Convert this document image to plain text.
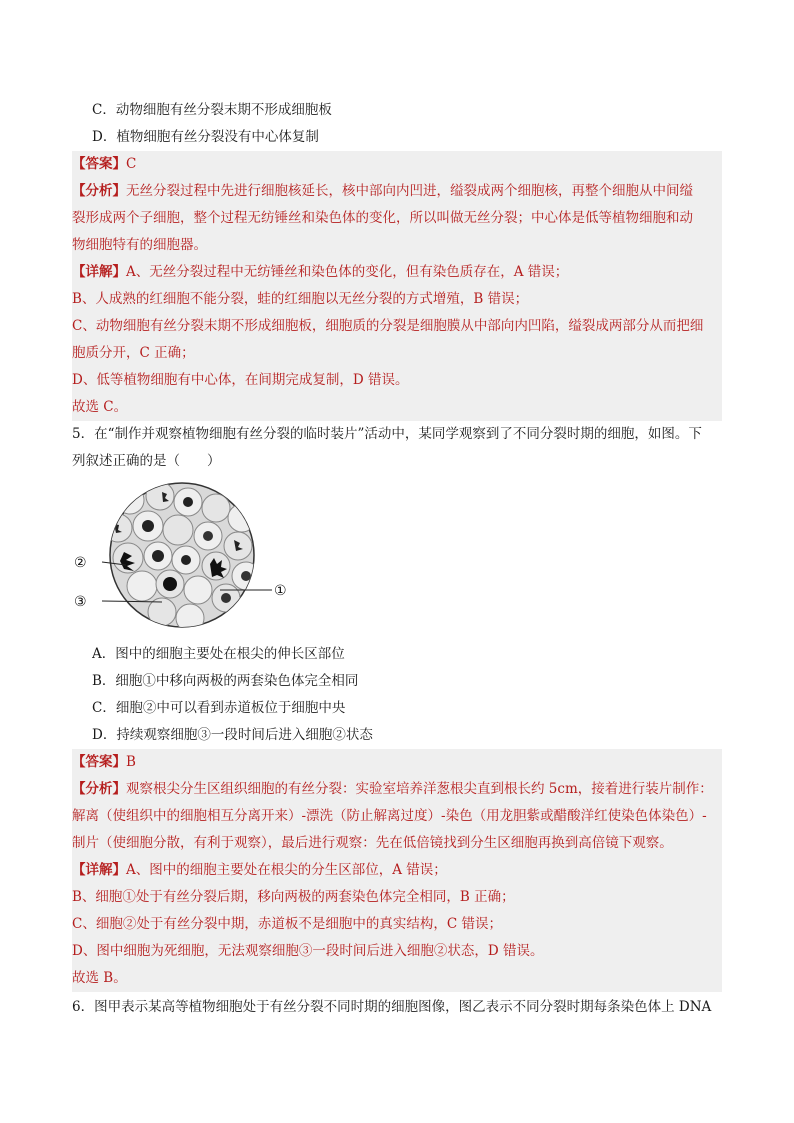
C．动物细胞有丝分裂末期不形成细胞板
D．植物细胞有丝分裂没有中心体复制
【答案】C
【分析】无丝分裂过程中先进行细胞核延长，核中部向内凹进，缢裂成两个细胞核，再整个细胞从中间缢
裂形成两个子细胞，整个过程无纺锤丝和染色体的变化，所以叫做无丝分裂；中心体是低等植物细胞和动
物细胞特有的细胞器。
【详解】A、无丝分裂过程中无纺锤丝和染色体的变化，但有染色质存在，A 错误；
B、人成熟的红细胞不能分裂，蛙的红细胞以无丝分裂的方式增殖，B 错误；
C、动物细胞有丝分裂末期不形成细胞板，细胞质的分裂是细胞膜从中部向内凹陷，缢裂成两部分从而把细
胞质分开，C 正确；
D、低等植物细胞有中心体，在间期完成复制，D 错误。
故选 C。
5．在“制作并观察植物细胞有丝分裂的临时装片”活动中，某同学观察到了不同分裂时期的细胞，如图。下
列叙述正确的是（　　）
②
③
①
A．图中的细胞主要处在根尖的伸长区部位
B．细胞①中移向两极的两套染色体完全相同
C．细胞②中可以看到赤道板位于细胞中央
D．持续观察细胞③一段时间后进入细胞②状态
【答案】B
【分析】观察根尖分生区组织细胞的有丝分裂：实验室培养洋葱根尖直到根长约 5cm，接着进行装片制作：
解离（使组织中的细胞相互分离开来）-漂洗（防止解离过度）-染色（用龙胆紫或醋酸洋红使染色体染色）-
制片（使细胞分散，有利于观察），最后进行观察：先在低倍镜找到分生区细胞再换到高倍镜下观察。
【详解】A、图中的细胞主要处在根尖的分生区部位，A 错误；
B、细胞①处于有丝分裂后期，移向两极的两套染色体完全相同，B 正确；
C、细胞②处于有丝分裂中期，赤道板不是细胞中的真实结构，C 错误；
D、图中细胞为死细胞，无法观察细胞③一段时间后进入细胞②状态，D 错误。
故选 B。
6．图甲表示某高等植物细胞处于有丝分裂不同时期的细胞图像，图乙表示不同分裂时期每条染色体上 DNA
